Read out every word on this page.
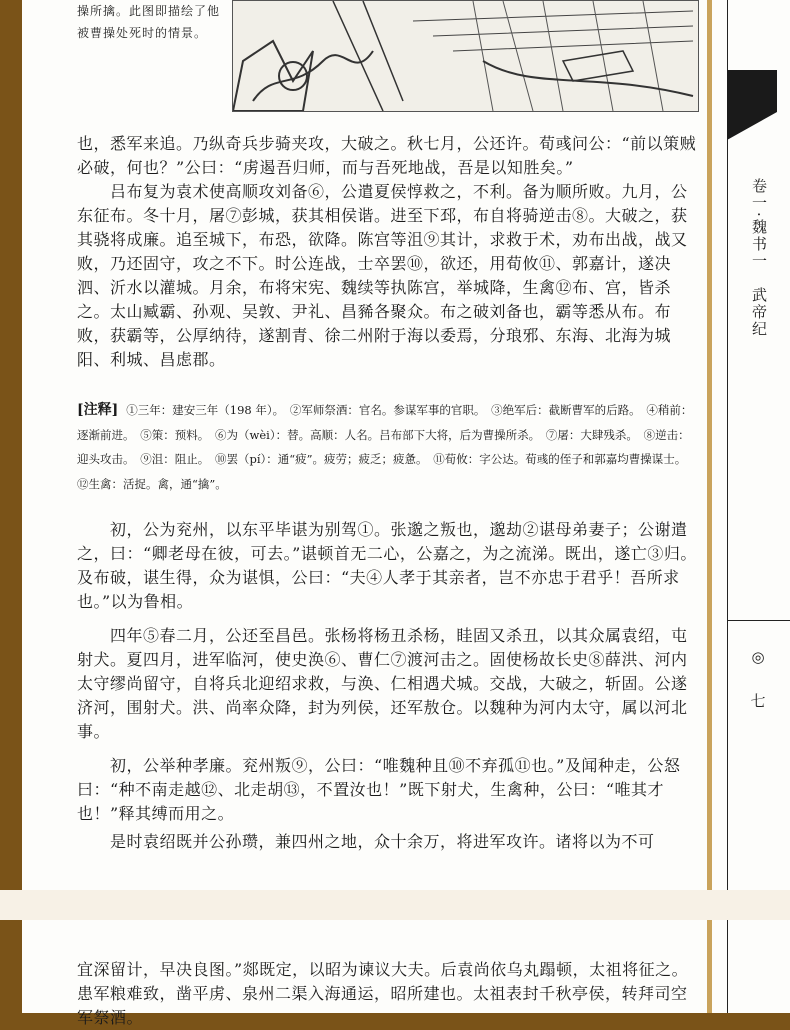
卷一·魏书一　武帝纪
◎
七
操所擒。此图即描绘了他被曹操处死时的情景。

也，悉军来追。乃纵奇兵步骑夹攻，大破之。秋七月，公还许。荀彧问公：“前以策贼必破，何也？”公曰：“虏遏吾归师，而与吾死地战，吾是以知胜矣。”

　　吕布复为袁术使高顺攻刘备⑥，公遣夏侯惇救之，不利。备为顺所败。九月，公东征布。冬十月，屠⑦彭城，获其相侯谐。进至下邳，布自将骑逆击⑧。大破之，获其骁将成廉。追至城下，布恐，欲降。陈宫等沮⑨其计，求救于术，劝布出战，战又败，乃还固守，攻之不下。时公连战，士卒罢⑩，欲还，用荀攸⑪、郭嘉计，遂决泗、沂水以灌城。月余，布将宋宪、魏续等执陈宫，举城降，生禽⑫布、宫，皆杀之。太山臧霸、孙观、吴敦、尹礼、昌豨各聚众。布之破刘备也，霸等悉从布。布败，获霸等，公厚纳待，遂割青、徐二州附于海以委焉，分琅邪、东海、北海为城阳、利城、昌虑郡。

[注释] ①三年：建安三年（198 年）。　②军师祭酒：官名。参谋军事的官职。　③绝军后：截断曹军的后路。　④稍前：逐渐前进。　⑤策：预料。　⑥为（wèi）：替。高顺：人名。吕布部下大将，后为曹操所杀。　⑦屠：大肆残杀。　⑧逆击：迎头攻击。　⑨沮：阻止。　⑩罢（pí）：通“疲”。疲劳；疲乏；疲惫。　⑪荀攸：字公达。荀彧的侄子和郭嘉均曹操谋士。　⑫生禽：活捉。禽，通“擒”。

　　初，公为兖州，以东平毕谌为别驾①。张邈之叛也，邈劫②谌母弟妻子；公谢遣之，曰：“卿老母在彼，可去。”谌顿首无二心，公嘉之，为之流涕。既出，遂亡③归。及布破，谌生得，众为谌惧，公曰：“夫④人孝于其亲者，岂不亦忠于君乎！吾所求也。”以为鲁相。

　　四年⑤春二月，公还至昌邑。张杨将杨丑杀杨，眭固又杀丑，以其众属袁绍，屯射犬。夏四月，进军临河，使史涣⑥、曹仁⑦渡河击之。固使杨故长史⑧薛洪、河内太守缪尚留守，自将兵北迎绍求救，与涣、仁相遇犬城。交战，大破之，斩固。公遂济河，围射犬。洪、尚率众降，封为列侯，还军敖仓。以魏种为河内太守，属以河北事。

　　初，公举种孝廉。兖州叛⑨，公曰：“唯魏种且⑩不弃孤⑪也。”及闻种走，公怒曰：“种不南走越⑫、北走胡⑬，不置汝也！”既下射犬，生禽种，公曰：“唯其才也！”释其缚而用之。

　　是时袁绍既并公孙瓒，兼四州之地，众十余万，将进军攻许。诸将以为不可

宜深留计，早决良图。”郯既定，以昭为谏议大夫。后袁尚依乌丸蹋顿，太祖将征之。患军粮难致，凿平虏、泉州二渠入海通运，昭所建也。太祖表封千秋亭侯，转拜司空军祭酒。
